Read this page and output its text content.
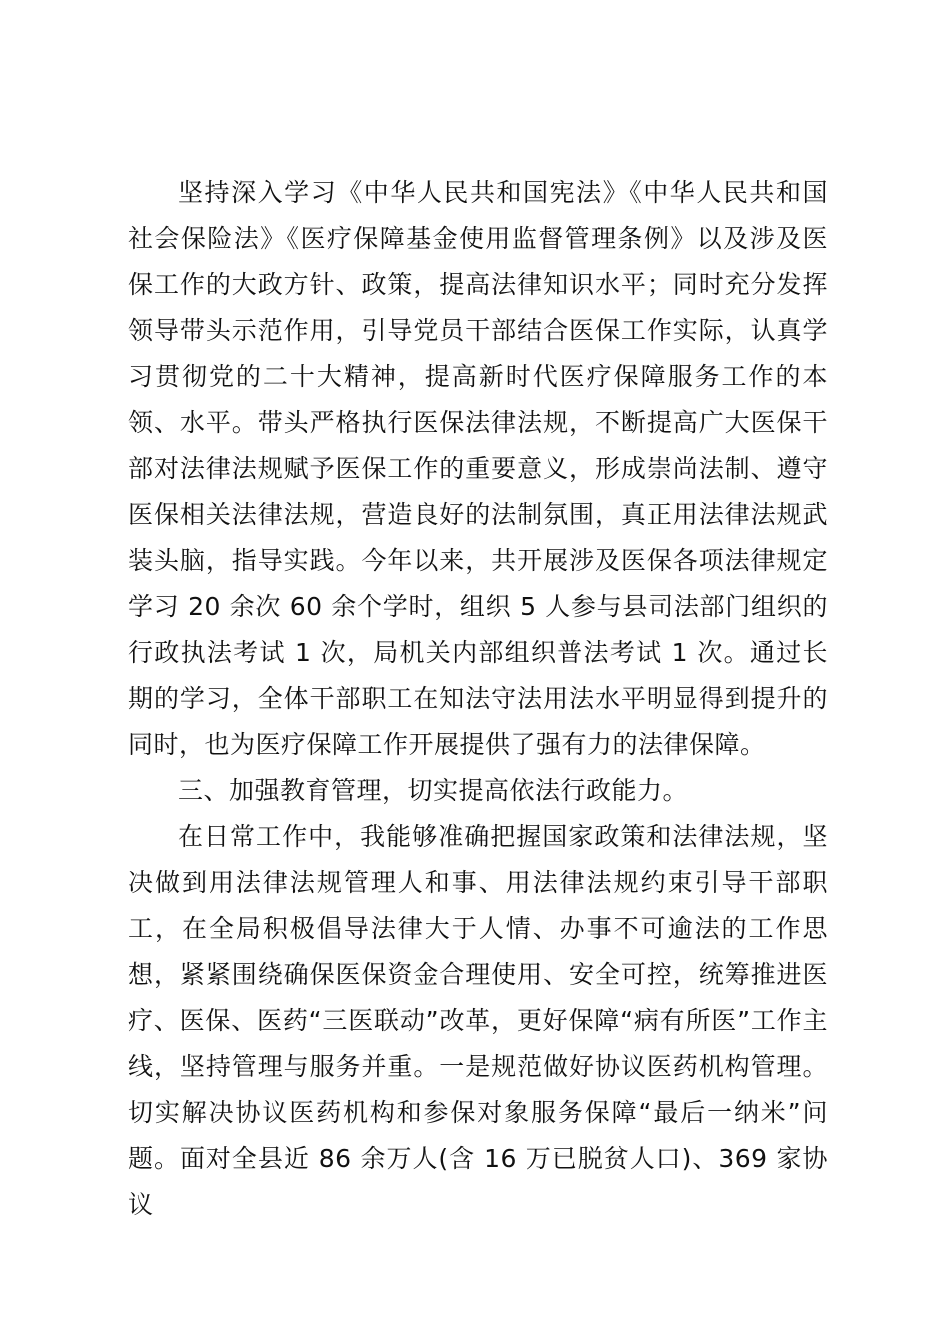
坚持深入学习《中华人民共和国宪法》《中华人民共和国社会保险法》《医疗保障基金使用监督管理条例》以及涉及医保工作的大政方针、政策，提高法律知识水平；同时充分发挥领导带头示范作用，引导党员干部结合医保工作实际，认真学习贯彻党的二十大精神，提高新时代医疗保障服务工作的本领、水平。带头严格执行医保法律法规，不断提高广大医保干部对法律法规赋予医保工作的重要意义，形成崇尚法制、遵守医保相关法律法规，营造良好的法制氛围，真正用法律法规武装头脑，指导实践。今年以来，共开展涉及医保各项法律规定学习 20 余次 60 余个学时，组织 5 人参与县司法部门组织的行政执法考试 1 次，局机关内部组织普法考试 1 次。通过长期的学习，全体干部职工在知法守法用法水平明显得到提升的同时，也为医疗保障工作开展提供了强有力的法律保障。

三、加强教育管理，切实提高依法行政能力。

在日常工作中，我能够准确把握国家政策和法律法规，坚决做到用法律法规管理人和事、用法律法规约束引导干部职工，在全局积极倡导法律大于人情、办事不可逾法的工作思想，紧紧围绕确保医保资金合理使用、安全可控，统筹推进医疗、医保、医药“三医联动”改革，更好保障“病有所医”工作主线，坚持管理与服务并重。一是规范做好协议医药机构管理。切实解决协议医药机构和参保对象服务保障“最后一纳米”问题。面对全县近 86 余万人(含 16 万已脱贫人口)、369 家协议
